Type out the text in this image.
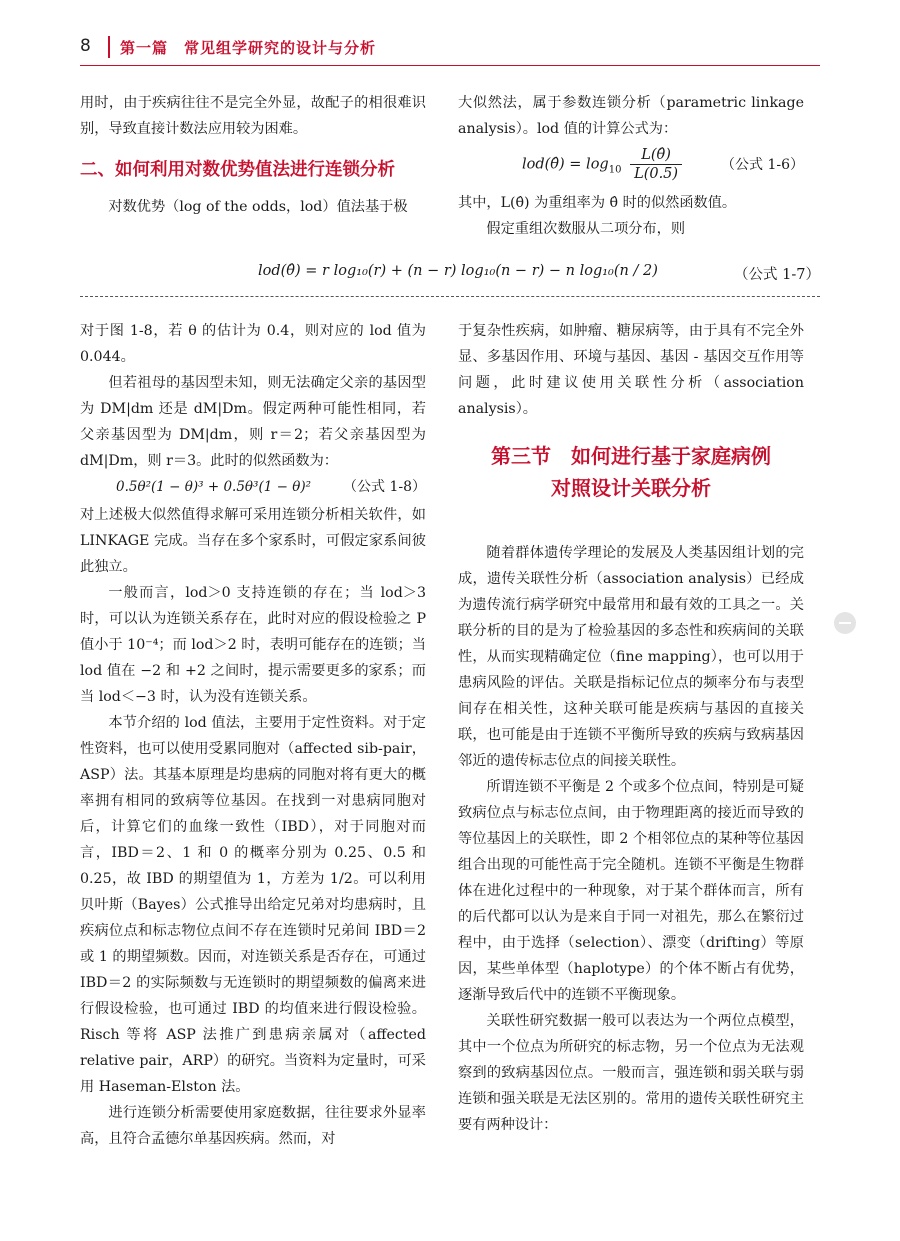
8 第一篇　常见组学研究的设计与分析

用时，由于疾病往往不是完全外显，故配子的相很难识别，导致直接计数法应用较为困难。

二、如何利用对数优势值法进行连锁分析

对数优势（log of the odds，lod）值法基于极

大似然法，属于参数连锁分析（parametric linkage analysis）。lod 值的计算公式为：

lod(θ̂) = $\log_{10} \frac{L(\thetâ)}{L(0.5)}$	（公式 1-6）

其中，L(θ̂) 为重组率为 θ̂ 时的似然函数值。

假定重组次数服从二项分布，则

lod(θ̂) = r log₁₀(r) + (n − r) log₁₀(n − r) − n log₁₀(n / 2)	（公式 1-7）

对于图 1-8，若 θ 的估计为 0.4，则对应的 lod 值为 0.044。

但若祖母的基因型未知，则无法确定父亲的基因型为 DM|dm 还是 dM|Dm。假定两种可能性相同，若父亲基因型为 DM|dm，则 r＝2；若父亲基因型为 dM|Dm，则 r＝3。此时的似然函数为：

0.5θ²(1 − θ)³ + 0.5θ³(1 − θ)² （公式 1-8）

对上述极大似然值得求解可采用连锁分析相关软件，如 LINKAGE 完成。当存在多个家系时，可假定家系间彼此独立。

一般而言，lod＞0 支持连锁的存在；当 lod＞3 时，可以认为连锁关系存在，此时对应的假设检验之 P 值小于 10⁻⁴；而 lod＞2 时，表明可能存在的连锁；当 lod 值在 −2 和 +2 之间时，提示需要更多的家系；而当 lod＜−3 时，认为没有连锁关系。

本节介绍的 lod 值法，主要用于定性资料。对于定性资料，也可以使用受累同胞对（affected sib-pair，ASP）法。其基本原理是均患病的同胞对将有更大的概率拥有相同的致病等位基因。在找到一对患病同胞对后，计算它们的血缘一致性（IBD），对于同胞对而言，IBD＝2、1 和 0 的概率分别为 0.25、0.5 和 0.25，故 IBD 的期望值为 1，方差为 1/2。可以利用贝叶斯（Bayes）公式推导出给定兄弟对均患病时，且疾病位点和标志物位点间不存在连锁时兄弟间 IBD＝2 或 1 的期望频数。因而，对连锁关系是否存在，可通过 IBD＝2 的实际频数与无连锁时的期望频数的偏离来进行假设检验，也可通过 IBD 的均值来进行假设检验。Risch 等将 ASP 法推广到患病亲属对（affected relative pair，ARP）的研究。当资料为定量时，可采用 Haseman-Elston 法。

进行连锁分析需要使用家庭数据，往往要求外显率高，且符合孟德尔单基因疾病。然而，对

于复杂性疾病，如肿瘤、糖尿病等，由于具有不完全外显、多基因作用、环境与基因、基因 - 基因交互作用等问题，此时建议使用关联性分析（association analysis）。

第三节　如何进行基于家庭病例
对照设计关联分析

随着群体遗传学理论的发展及人类基因组计划的完成，遗传关联性分析（association analysis）已经成为遗传流行病学研究中最常用和最有效的工具之一。关联分析的目的是为了检验基因的多态性和疾病间的关联性，从而实现精确定位（fine mapping），也可以用于患病风险的评估。关联是指标记位点的频率分布与表型间存在相关性，这种关联可能是疾病与基因的直接关联，也可能是由于连锁不平衡所导致的疾病与致病基因邻近的遗传标志位点的间接关联性。

所谓连锁不平衡是 2 个或多个位点间，特别是可疑致病位点与标志位点间，由于物理距离的接近而导致的等位基因上的关联性，即 2 个相邻位点的某种等位基因组合出现的可能性高于完全随机。连锁不平衡是生物群体在进化过程中的一种现象，对于某个群体而言，所有的后代都可以认为是来自于同一对祖先，那么在繁衍过程中，由于选择（selection）、漂变（drifting）等原因，某些单体型（haplotype）的个体不断占有优势，逐渐导致后代中的连锁不平衡现象。

关联性研究数据一般可以表达为一个两位点模型，其中一个位点为所研究的标志物，另一个位点为无法观察到的致病基因位点。一般而言，强连锁和弱关联与弱连锁和强关联是无法区别的。常用的遗传关联性研究主要有两种设计：
